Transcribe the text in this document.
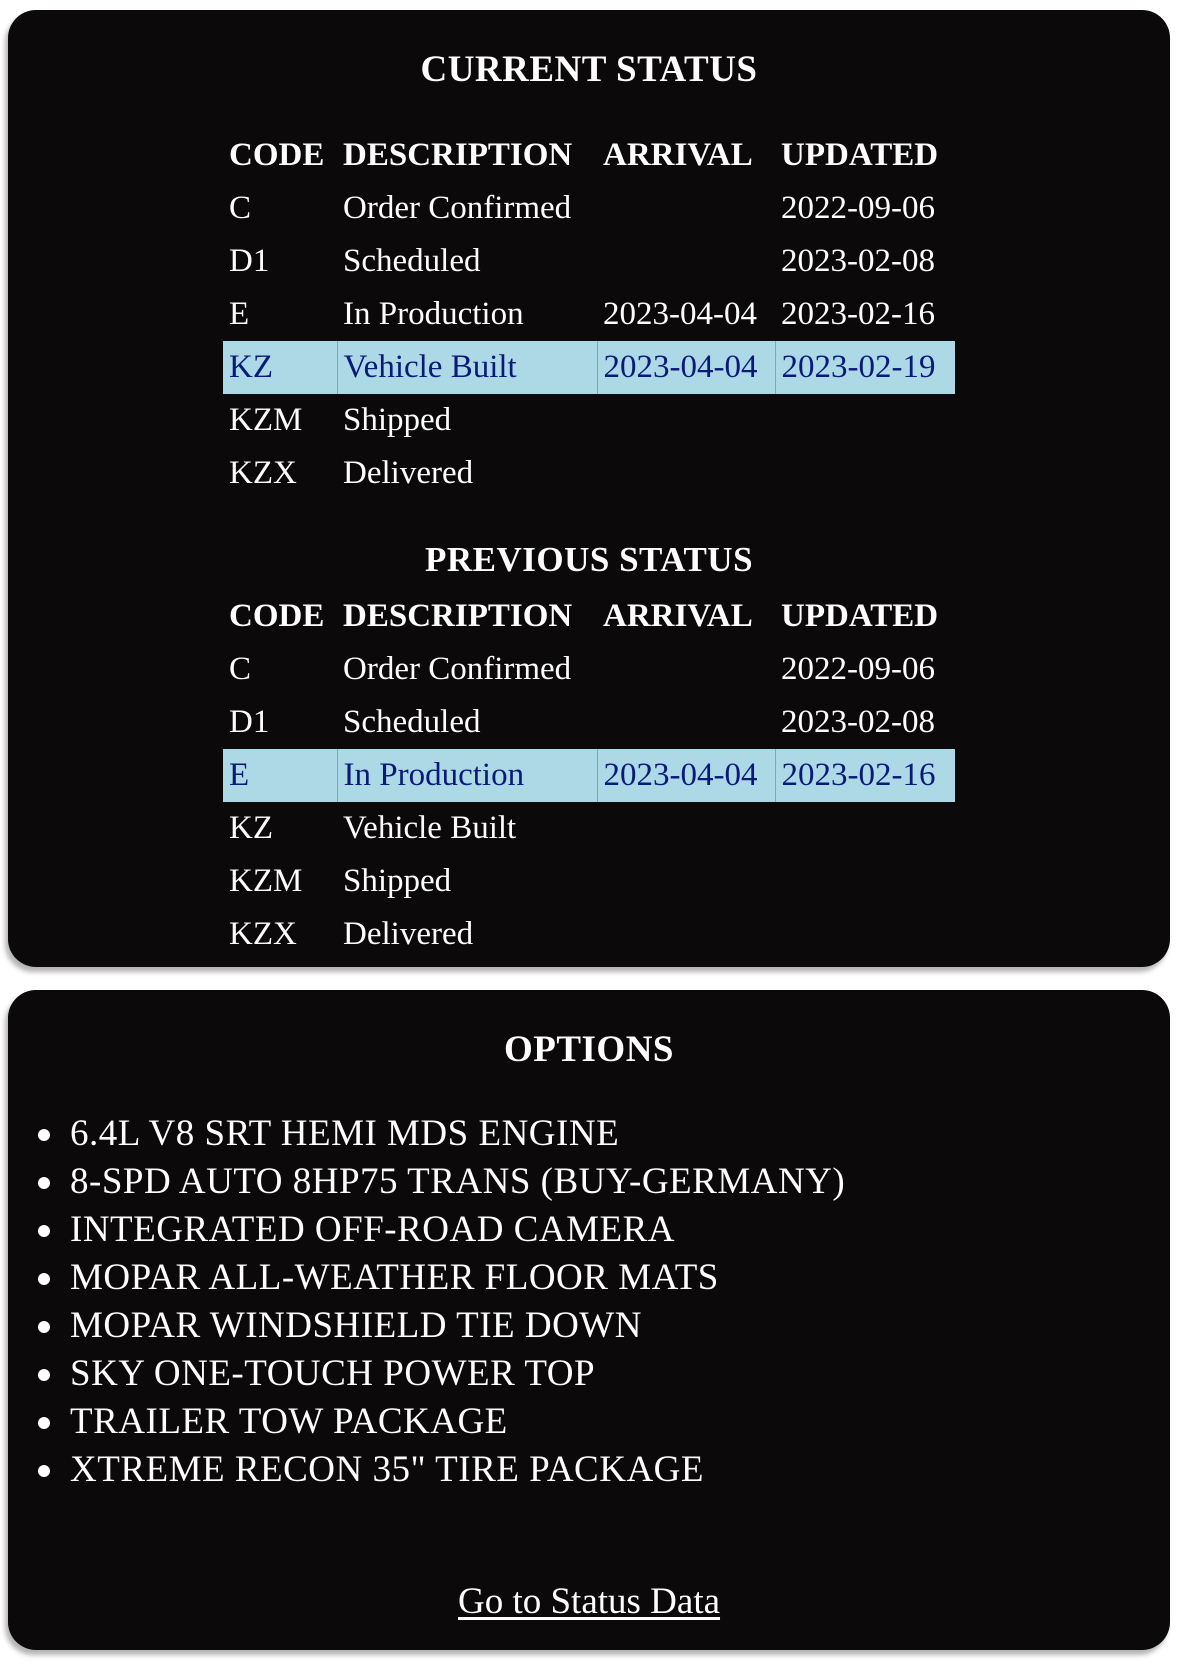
CURRENT STATUS
CODE	DESCRIPTION	ARRIVAL	UPDATED
C	Order Confirmed		2022-09-06
D1	Scheduled		2023-02-08
E	In Production	2023-04-04	2023-02-16
KZ	Vehicle Built	2023-04-04	2023-02-19
KZM	Shipped		
KZX	Delivered		
PREVIOUS STATUS
CODE	DESCRIPTION	ARRIVAL	UPDATED
C	Order Confirmed		2022-09-06
D1	Scheduled		2023-02-08
E	In Production	2023-04-04	2023-02-16
KZ	Vehicle Built		
KZM	Shipped		
KZX	Delivered		
OPTIONS
6.4L V8 SRT HEMI MDS ENGINE
8-SPD AUTO 8HP75 TRANS (BUY-GERMANY)
INTEGRATED OFF-ROAD CAMERA
MOPAR ALL-WEATHER FLOOR MATS
MOPAR WINDSHIELD TIE DOWN
SKY ONE-TOUCH POWER TOP
TRAILER TOW PACKAGE
XTREME RECON 35" TIRE PACKAGE
Go to Status Data
